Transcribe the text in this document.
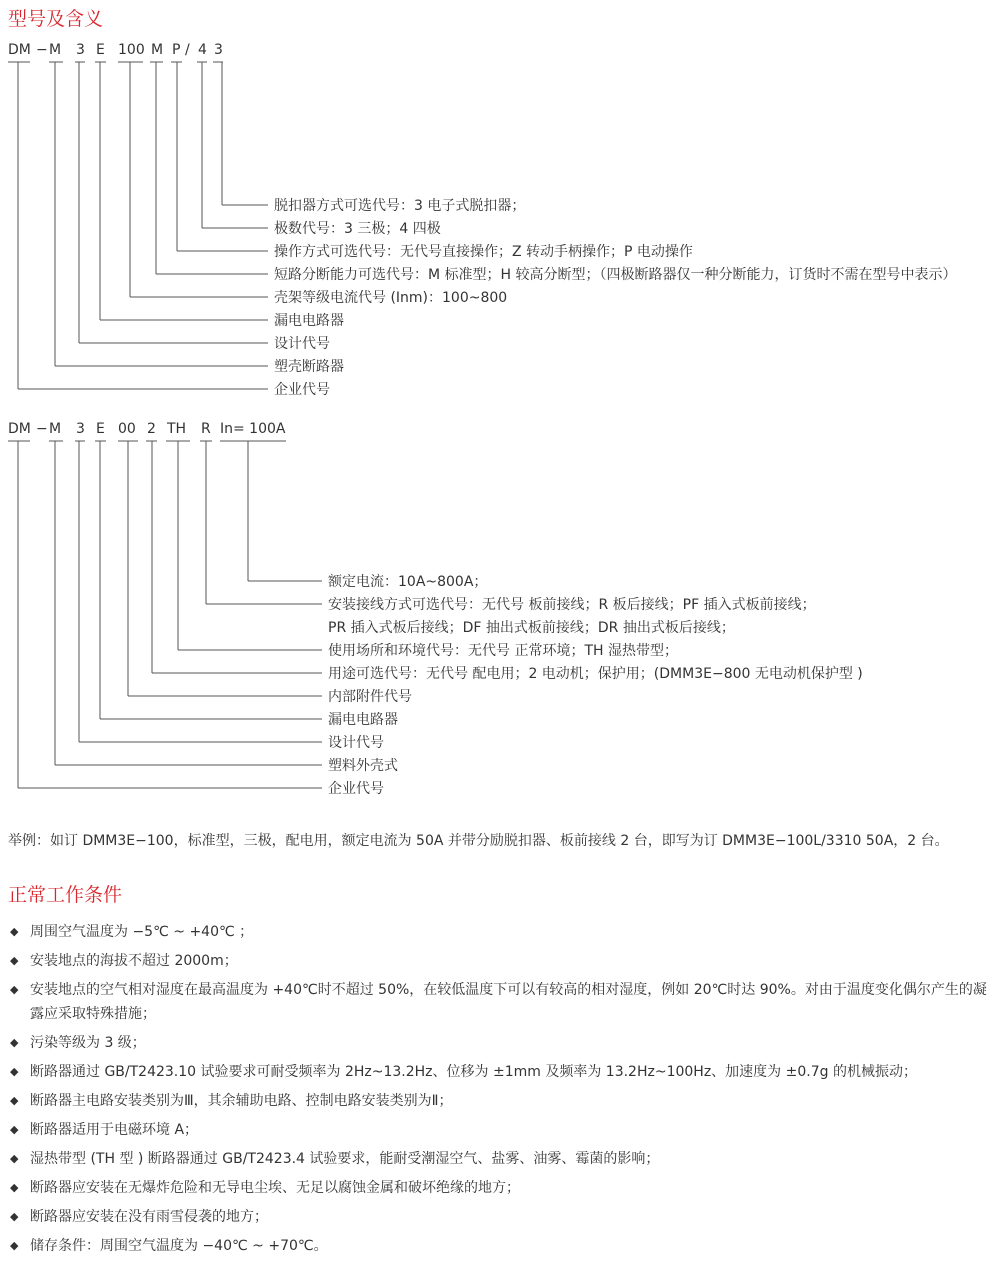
型号及含义
DM − M 3 E 100 M P / 4 3
脱扣器方式可选代号：3 电子式脱扣器；
极数代号：3 三极；4 四极
操作方式可选代号：无代号直接操作；Z 转动手柄操作；P 电动操作
短路分断能力可选代号：M 标准型；H 较高分断型；（四极断路器仅一种分断能力，订货时不需在型号中表示）
壳架等级电流代号 (Inm)：100~800
漏电电路器
设计代号
塑壳断路器
企业代号
DM − M 3 E 00 2 TH R In= 100A
额定电流：10A~800A；
安装接线方式可选代号：无代号 板前接线；R 板后接线；PF 插入式板前接线；
PR 插入式板后接线；DF 抽出式板前接线；DR 抽出式板后接线；
使用场所和环境代号：无代号 正常环境；TH 湿热带型；
用途可选代号：无代号 配电用；2 电动机；保护用；(DMM3E−800 无电动机保护型 )
内部附件代号
漏电电路器
设计代号
塑料外壳式
企业代号

举例：如订 DMM3E−100，标准型，三极，配电用，额定电流为 50A 并带分励脱扣器、板前接线 2 台，即写为订 DMM3E−100L/3310 50A，2 台。

正常工作条件
◆ 周围空气温度为 −5℃ ~ +40℃ ；
◆ 安装地点的海拔不超过 2000m；
◆ 安装地点的空气相对湿度在最高温度为 +40℃时不超过 50%，在较低温度下可以有较高的相对湿度，例如 20℃时达 90%。对由于温度变化偶尔产生的凝露应采取特殊措施；
◆ 污染等级为 3 级；
◆ 断路器通过 GB/T2423.10 试验要求可耐受频率为 2Hz~13.2Hz、位移为 ±1mm 及频率为 13.2Hz~100Hz、加速度为 ±0.7g 的机械振动；
◆ 断路器主电路安装类别为Ⅲ，其余辅助电路、控制电路安装类别为Ⅱ；
◆ 断路器适用于电磁环境 A；
◆ 湿热带型 (TH 型 ) 断路器通过 GB/T2423.4 试验要求，能耐受潮湿空气、盐雾、油雾、霉菌的影响；
◆ 断路器应安装在无爆炸危险和无导电尘埃、无足以腐蚀金属和破坏绝缘的地方；
◆ 断路器应安装在没有雨雪侵袭的地方；
◆ 储存条件：周围空气温度为 −40℃ ~ +70℃。
